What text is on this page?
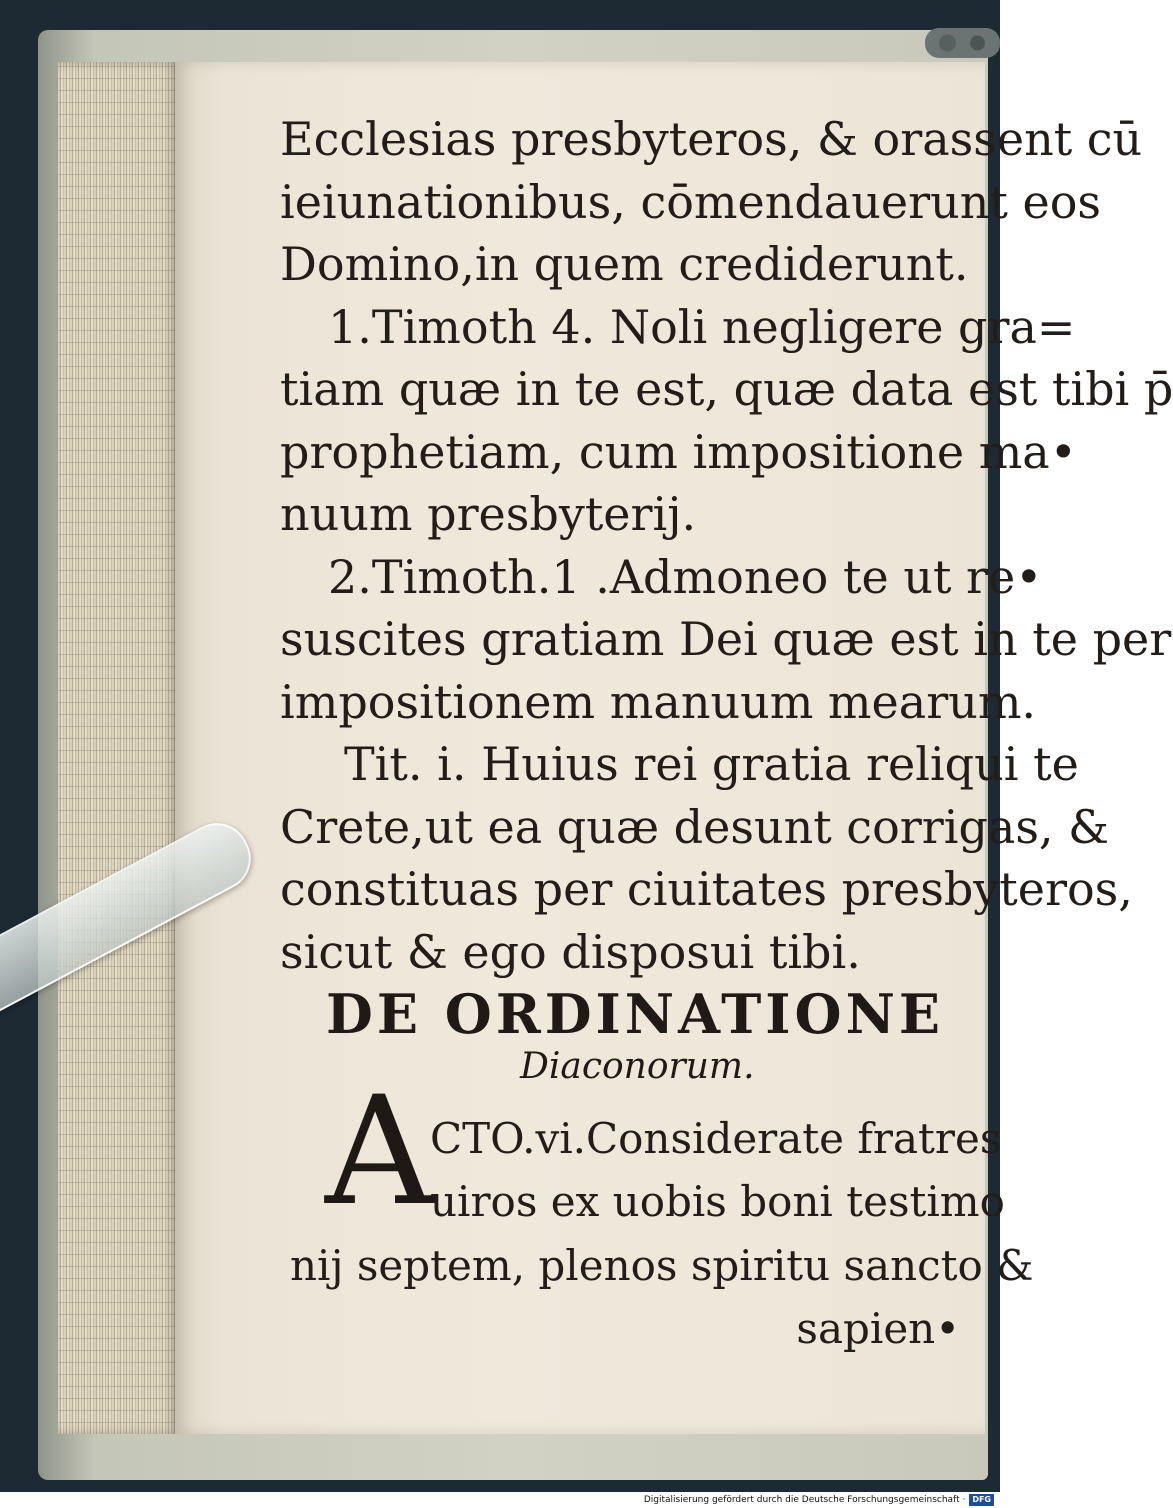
Ecclesias presbyteros, & orassent cū
ieiunationibus, cōmendauerunt eos
Domino,in quem crediderunt.
1.Timoth 4. Noli negligere gra=
tiam quæ in te est, quæ data est tibi p̄
prophetiam, cum impositione ma•
nuum presbyterij.
2.Timoth.1 .Admoneo te ut re•
suscites gratiam Dei quæ est in te per
impositionem manuum mearum.
Tit. i. Huius rei gratia reliqui te
Crete,ut ea quæ desunt corrigas, &
constituas per ciuitates presbyteros,
sicut & ego disposui tibi.
DE ORDINATIONE
Diaconorum.
A
CTO.vi.Considerate fratres
uiros ex uobis boni testimo
nij septem, plenos spiritu sancto &
sapien•
Digitalisierung gefördert durch die Deutsche Forschungsgemeinschaft · DFG
